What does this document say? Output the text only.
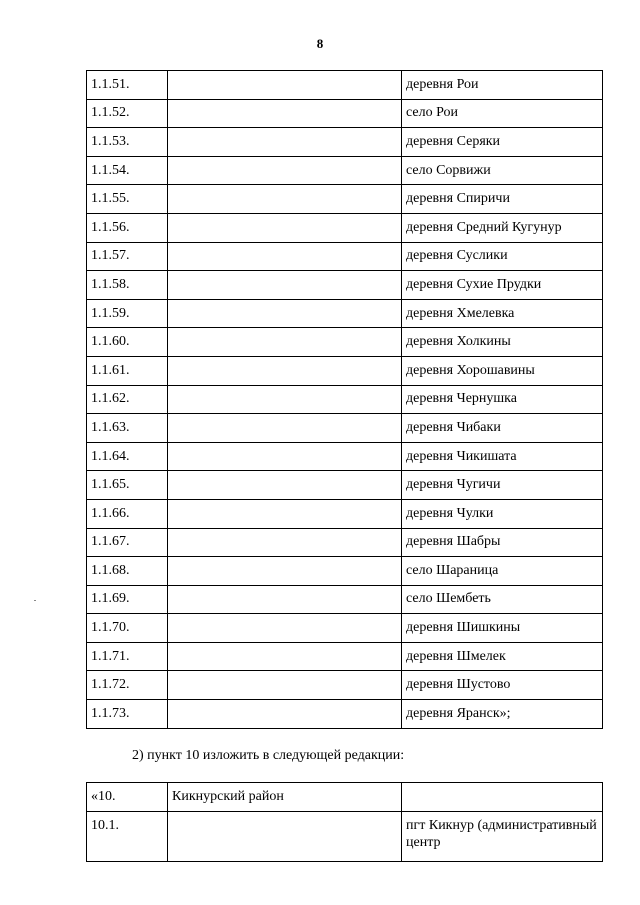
8
1.1.51.		деревня Рои
1.1.52.		село Рои
1.1.53.		деревня Серяки
1.1.54.		село Сорвижи
1.1.55.		деревня Спиричи
1.1.56.		деревня Средний Кугунур
1.1.57.		деревня Суслики
1.1.58.		деревня Сухие Прудки
1.1.59.		деревня Хмелевка
1.1.60.		деревня Холкины
1.1.61.		деревня Хорошавины
1.1.62.		деревня Чернушка
1.1.63.		деревня Чибаки
1.1.64.		деревня Чикишата
1.1.65.		деревня Чугичи
1.1.66.		деревня Чулки
1.1.67.		деревня Шабры
1.1.68.		село Шараница
1.1.69.		село Шембеть
1.1.70.		деревня Шишкины
1.1.71.		деревня Шмелек
1.1.72.		деревня Шустово
1.1.73.		деревня Яранск»;
2) пункт 10 изложить в следующей редакции:
«10.	Кикнурский район	
10.1.		пгт Кикнур (административный центр
